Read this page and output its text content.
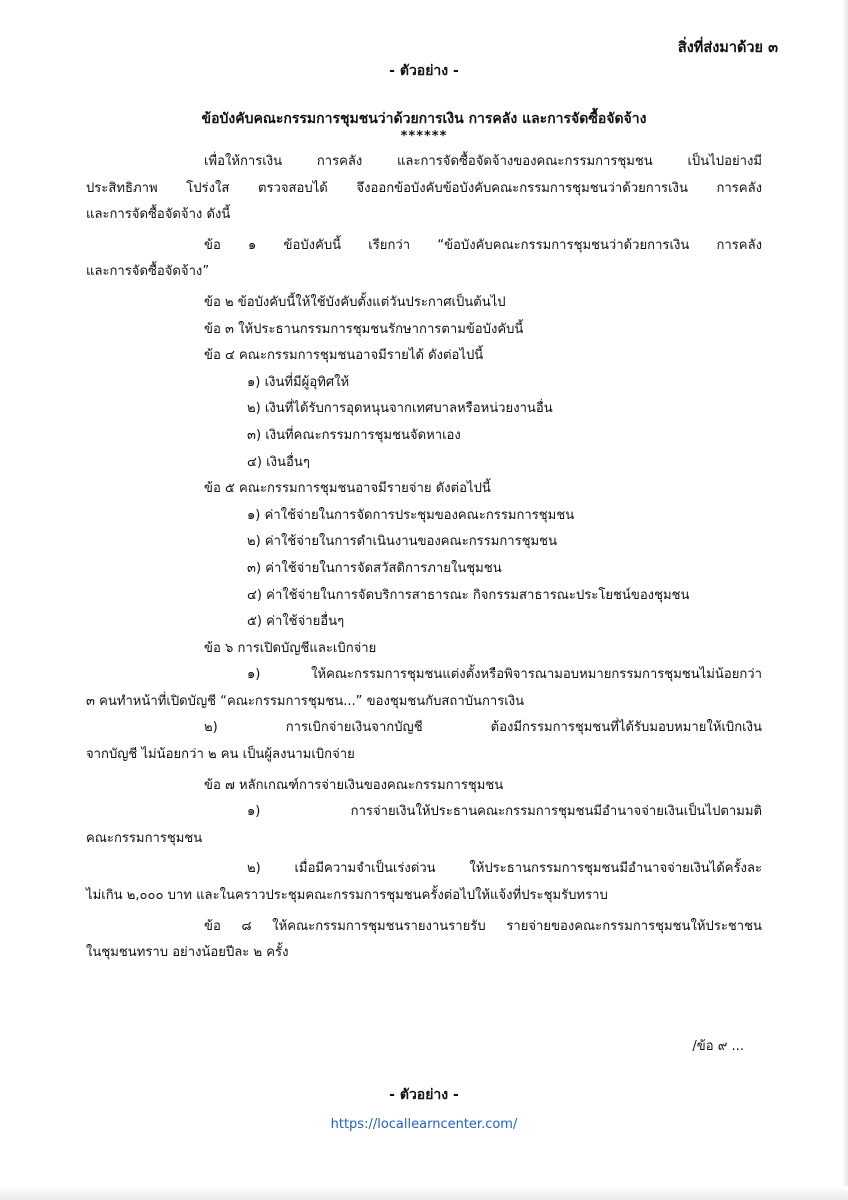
สิ่งที่ส่งมาด้วย ๓
- ตัวอย่าง -
ข้อบังคับคณะกรรมการชุมชนว่าด้วยการเงิน การคลัง และการจัดซื้อจัดจ้าง
******
เพื่อให้การเงิน การคลัง และการจัดซื้อจัดจ้างของคณะกรรมการชุมชน เป็นไปอย่างมี
ประสิทธิภาพ โปร่งใส ตรวจสอบได้ จึงออกข้อบังคับข้อบังคับคณะกรรมการชุมชนว่าด้วยการเงิน การคลัง
และการจัดซื้อจัดจ้าง ดังนี้
ข้อ ๑ ข้อบังคับนี้ เรียกว่า “ข้อบังคับคณะกรรมการชุมชนว่าด้วยการเงิน การคลัง
และการจัดซื้อจัดจ้าง”
ข้อ ๒ ข้อบังคับนี้ให้ใช้บังคับตั้งแต่วันประกาศเป็นต้นไป
ข้อ ๓ ให้ประธานกรรมการชุมชนรักษาการตามข้อบังคับนี้
ข้อ ๔ คณะกรรมการชุมชนอาจมีรายได้ ดังต่อไปนี้
๑) เงินที่มีผู้อุทิศให้
๒) เงินที่ได้รับการอุดหนุนจากเทศบาลหรือหน่วยงานอื่น
๓) เงินที่คณะกรรมการชุมชนจัดหาเอง
๔) เงินอื่นๆ
ข้อ ๕ คณะกรรมการชุมชนอาจมีรายจ่าย ดังต่อไปนี้
๑) ค่าใช้จ่ายในการจัดการประชุมของคณะกรรมการชุมชน
๒) ค่าใช้จ่ายในการดำเนินงานของคณะกรรมการชุมชน
๓) ค่าใช้จ่ายในการจัดสวัสดิการภายในชุมชน
๔) ค่าใช้จ่ายในการจัดบริการสาธารณะ กิจกรรมสาธารณะประโยชน์ของชุมชน
๕) ค่าใช้จ่ายอื่นๆ
ข้อ ๖ การเปิดบัญชีและเบิกจ่าย
๑) ให้คณะกรรมการชุมชนแต่งตั้งหรือพิจารณามอบหมายกรรมการชุมชนไม่น้อยกว่า
๓ คนทำหน้าที่เปิดบัญชี “คณะกรรมการชุมชน...” ของชุมชนกับสถาบันการเงิน
๒) การเบิกจ่ายเงินจากบัญชี ต้องมีกรรมการชุมชนที่ได้รับมอบหมายให้เบิกเงิน
จากบัญชี ไม่น้อยกว่า ๒ คน เป็นผู้ลงนามเบิกจ่าย
ข้อ ๗ หลักเกณฑ์การจ่ายเงินของคณะกรรมการชุมชน
๑) การจ่ายเงินให้ประธานคณะกรรมการชุมชนมีอำนาจจ่ายเงินเป็นไปตามมติ
คณะกรรมการชุมชน
๒) เมื่อมีความจำเป็นเร่งด่วน ให้ประธานกรรมการชุมชนมีอำนาจจ่ายเงินได้ครั้งละ
ไม่เกิน ๒,๐๐๐ บาท และในคราวประชุมคณะกรรมการชุมชนครั้งต่อไปให้แจ้งที่ประชุมรับทราบ
ข้อ ๘ ให้คณะกรรมการชุมชนรายงานรายรับ รายจ่ายของคณะกรรมการชุมชนให้ประชาชน
ในชุมชนทราบ อย่างน้อยปีละ ๒ ครั้ง
/ข้อ ๙ ...
- ตัวอย่าง -
https://locallearncenter.com/
